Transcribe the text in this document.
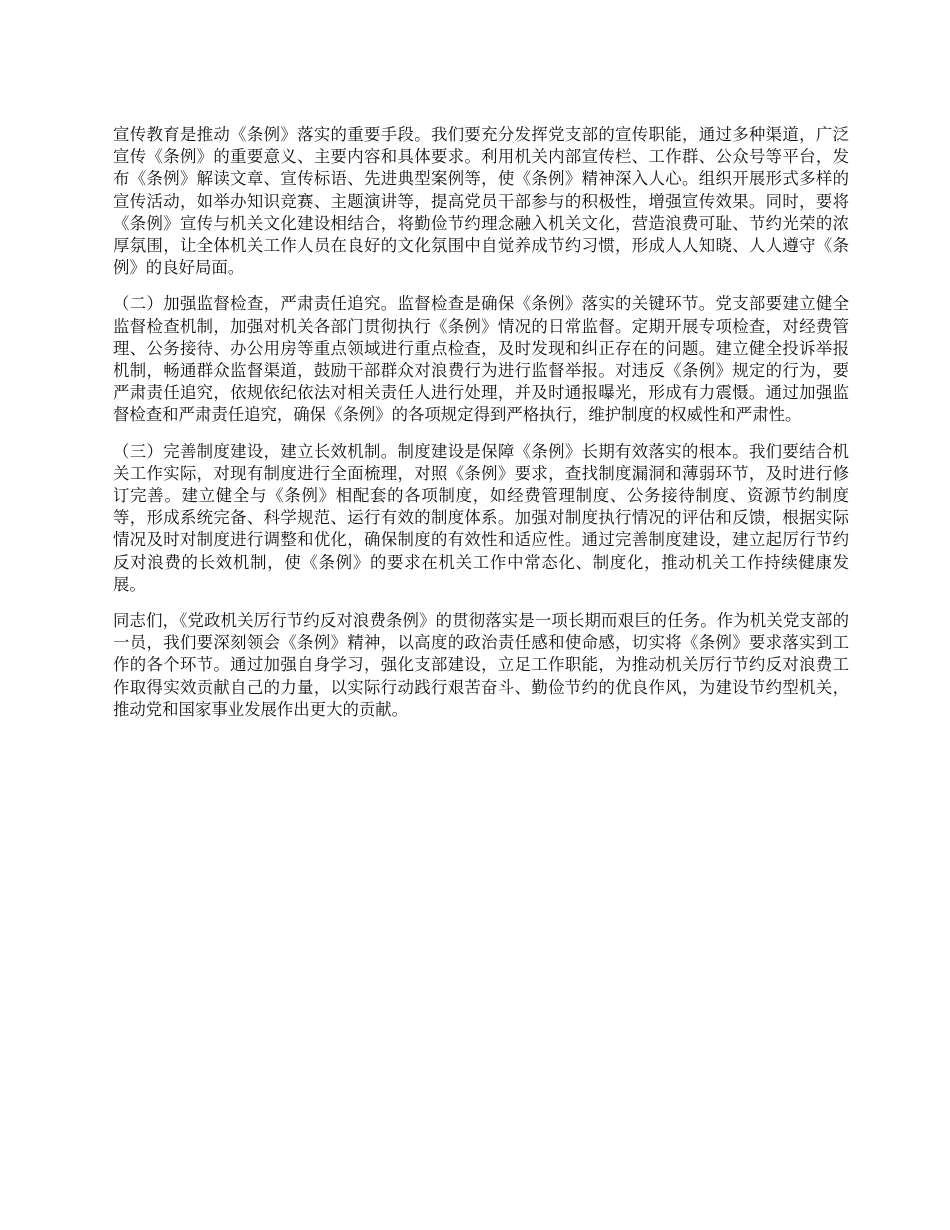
宣传教育是推动《条例》落实的重要手段。我们要充分发挥党支部的宣传职能，通过多种渠道，广泛宣传《条例》的重要意义、主要内容和具体要求。利用机关内部宣传栏、工作群、公众号等平台，发布《条例》解读文章、宣传标语、先进典型案例等，使《条例》精神深入人心。组织开展形式多样的宣传活动，如举办知识竞赛、主题演讲等，提高党员干部参与的积极性，增强宣传效果。同时，要将《条例》宣传与机关文化建设相结合，将勤俭节约理念融入机关文化，营造浪费可耻、节约光荣的浓厚氛围，让全体机关工作人员在良好的文化氛围中自觉养成节约习惯，形成人人知晓、人人遵守《条例》的良好局面。

（二）加强监督检查，严肃责任追究。监督检查是确保《条例》落实的关键环节。党支部要建立健全监督检查机制，加强对机关各部门贯彻执行《条例》情况的日常监督。定期开展专项检查，对经费管理、公务接待、办公用房等重点领域进行重点检查，及时发现和纠正存在的问题。建立健全投诉举报机制，畅通群众监督渠道，鼓励干部群众对浪费行为进行监督举报。对违反《条例》规定的行为，要严肃责任追究，依规依纪依法对相关责任人进行处理，并及时通报曝光，形成有力震慑。通过加强监督检查和严肃责任追究，确保《条例》的各项规定得到严格执行，维护制度的权威性和严肃性。

（三）完善制度建设，建立长效机制。制度建设是保障《条例》长期有效落实的根本。我们要结合机关工作实际，对现有制度进行全面梳理，对照《条例》要求，查找制度漏洞和薄弱环节，及时进行修订完善。建立健全与《条例》相配套的各项制度，如经费管理制度、公务接待制度、资源节约制度等，形成系统完备、科学规范、运行有效的制度体系。加强对制度执行情况的评估和反馈，根据实际情况及时对制度进行调整和优化，确保制度的有效性和适应性。通过完善制度建设，建立起厉行节约反对浪费的长效机制，使《条例》的要求在机关工作中常态化、制度化，推动机关工作持续健康发展。

同志们，《党政机关厉行节约反对浪费条例》的贯彻落实是一项长期而艰巨的任务。作为机关党支部的一员，我们要深刻领会《条例》精神，以高度的政治责任感和使命感，切实将《条例》要求落实到工作的各个环节。通过加强自身学习，强化支部建设，立足工作职能，为推动机关厉行节约反对浪费工作取得实效贡献自己的力量，以实际行动践行艰苦奋斗、勤俭节约的优良作风，为建设节约型机关，推动党和国家事业发展作出更大的贡献。
